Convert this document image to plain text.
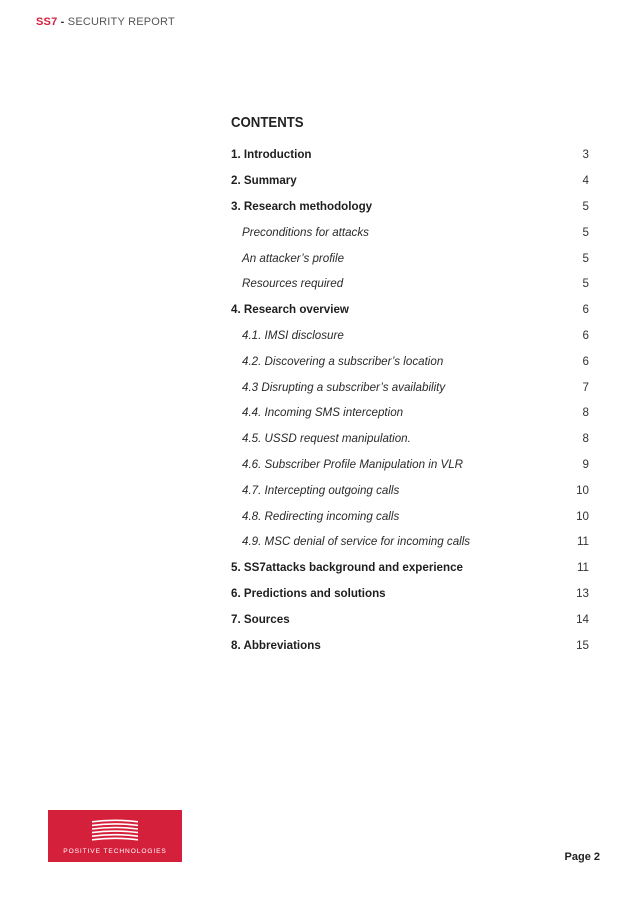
SS7 - SECURITY REPORT
CONTENTS
1. Introduction	3
2. Summary	4
3. Research methodology	5
Preconditions for attacks	5
An attacker’s profile	5
Resources required	5
4. Research overview	6
4.1. IMSI disclosure	6
4.2. Discovering a subscriber’s location	6
4.3 Disrupting a subscriber’s availability	7
4.4. Incoming SMS interception	8
4.5. USSD request manipulation.	8
4.6. Subscriber Profile Manipulation in VLR	9
4.7. Intercepting outgoing calls	10
4.8. Redirecting incoming calls	10
4.9. MSC denial of service for incoming calls	11
5. SS7attacks background and experience	11
6. Predictions and solutions	13
7. Sources	14
8. Abbreviations	15
POSITIVE TECHNOLOGIES	Page 2
